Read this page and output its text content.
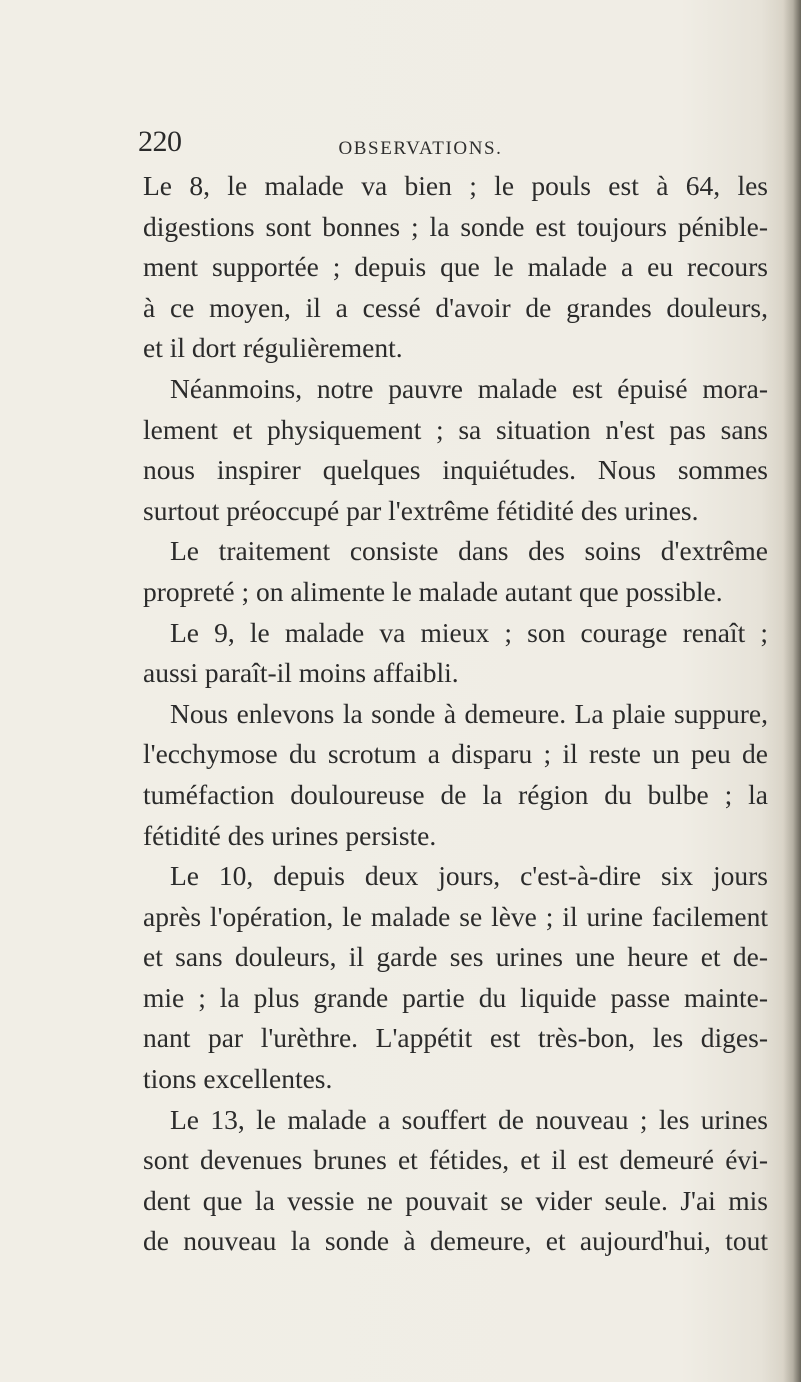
220	OBSERVATIONS.
Le 8, le malade va bien ; le pouls est à 64, les
digestions sont bonnes ; la sonde est toujours pénible-
ment supportée ; depuis que le malade a eu recours
à ce moyen, il a cessé d'avoir de grandes douleurs,
et il dort régulièrement.
Néanmoins, notre pauvre malade est épuisé mora-
lement et physiquement ; sa situation n'est pas sans
nous inspirer quelques inquiétudes. Nous sommes
surtout préoccupé par l'extrême fétidité des urines.
Le traitement consiste dans des soins d'extrême
propreté ; on alimente le malade autant que possible.
Le 9, le malade va mieux ; son courage renaît ;
aussi paraît-il moins affaibli.
Nous enlevons la sonde à demeure. La plaie suppure,
l'ecchymose du scrotum a disparu ; il reste un peu de
tuméfaction douloureuse de la région du bulbe ; la
fétidité des urines persiste.
Le 10, depuis deux jours, c'est-à-dire six jours
après l'opération, le malade se lève ; il urine facilement
et sans douleurs, il garde ses urines une heure et de-
mie ; la plus grande partie du liquide passe mainte-
nant par l'urèthre. L'appétit est très-bon, les diges-
tions excellentes.
Le 13, le malade a souffert de nouveau ; les urines
sont devenues brunes et fétides, et il est demeuré évi-
dent que la vessie ne pouvait se vider seule. J'ai mis
de nouveau la sonde à demeure, et aujourd'hui, tout
